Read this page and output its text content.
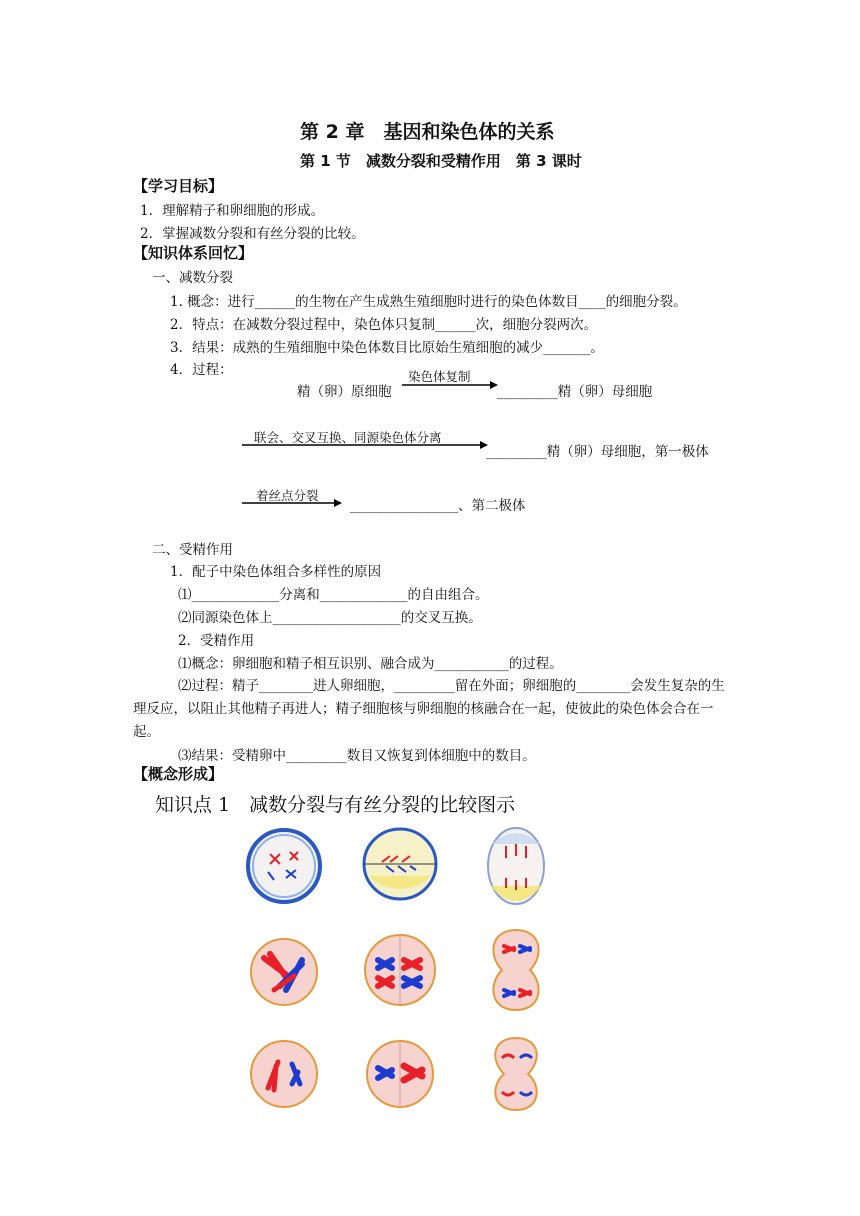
第 2 章　基因和染色体的关系
第 1 节　减数分裂和受精作用　第 3 课时
【学习目标】
1．理解精子和卵细胞的形成。
2．掌握减数分裂和有丝分裂的比较。
【知识体系回忆】
一、减数分裂
1. 概念：进行______的生物在产生成熟生殖细胞时进行的染色体数目____的细胞分裂。
2．特点：在减数分裂过程中，染色体只复制______次，细胞分裂两次。
3．结果：成熟的生殖细胞中染色体数目比原始生殖细胞的减少_______。
4．过程：
精（卵）原细胞
染色体复制
_________精（卵）母细胞
联会、交叉互换、同源染色体分离
_________精（卵）母细胞，第一极体
着丝点分裂
________________、第二极体
二、受精作用
1．配子中染色体组合多样性的原因
⑴_____________分离和_____________的自由组合。
⑵同源染色体上___________________的交叉互换。
2．受精作用
⑴概念：卵细胞和精子相互识别、融合成为___________的过程。
⑵过程：精子________进人卵细胞，_________留在外面；卵细胞的________会发生复杂的生理反应，以阻止其他精子再进人；精子细胞核与卵细胞的核融合在一起，使彼此的染色体会合在一起。
⑶结果：受精卵中_________数目又恢复到体细胞中的数目。
【概念形成】
知识点 1　减数分裂与有丝分裂的比较图示
